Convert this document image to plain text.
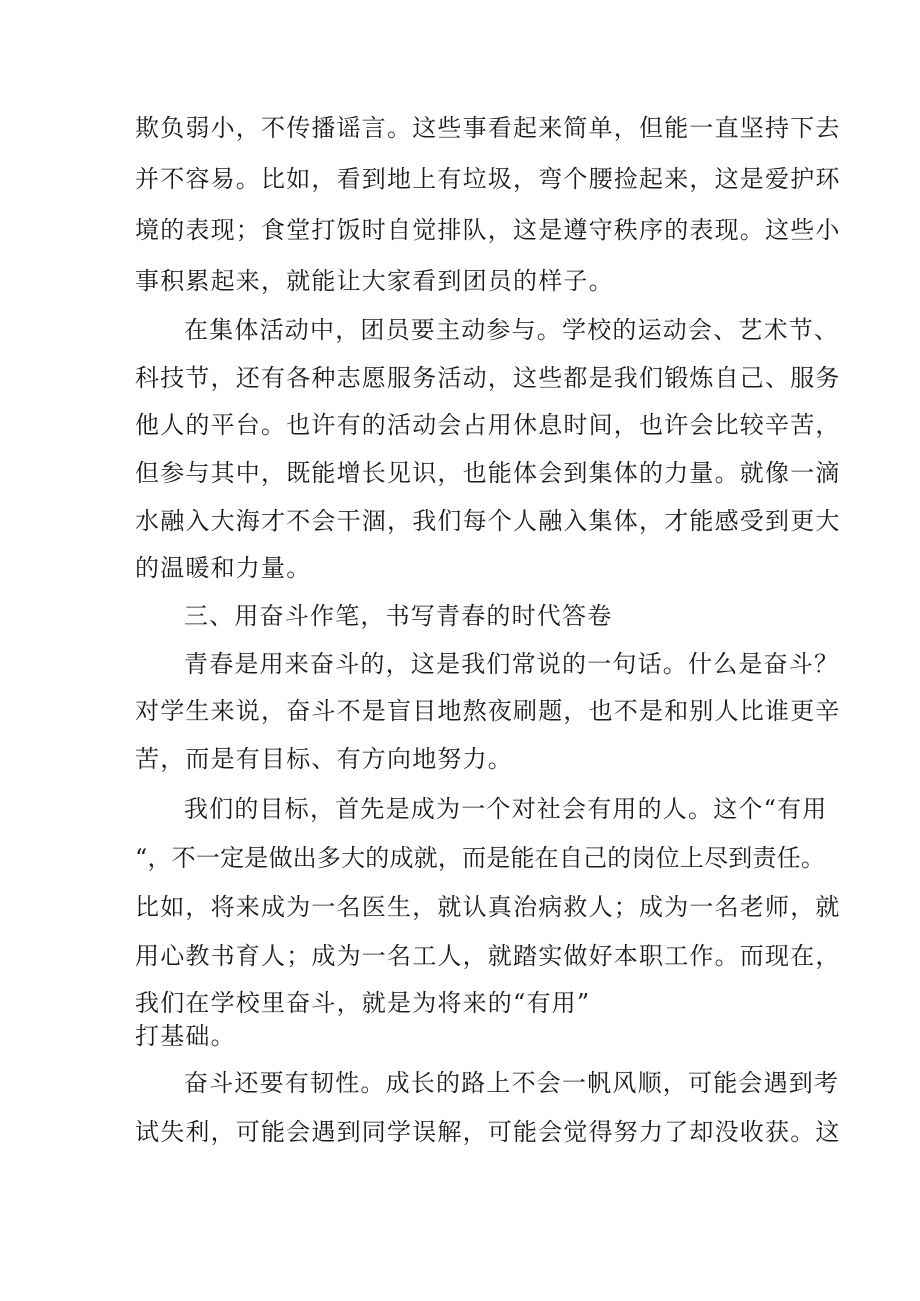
欺负弱小，不传播谣言。这些事看起来简单，但能一直坚持下去
并不容易。比如，看到地上有垃圾，弯个腰捡起来，这是爱护环
境的表现；食堂打饭时自觉排队，这是遵守秩序的表现。这些小
事积累起来，就能让大家看到团员的样子。
在集体活动中，团员要主动参与。学校的运动会、艺术节、
科技节，还有各种志愿服务活动，这些都是我们锻炼自己、服务
他人的平台。也许有的活动会占用休息时间，也许会比较辛苦，
但参与其中，既能增长见识，也能体会到集体的力量。就像一滴
水融入大海才不会干涸，我们每个人融入集体，才能感受到更大
的温暖和力量。
三、用奋斗作笔，书写青春的时代答卷
青春是用来奋斗的，这是我们常说的一句话。什么是奋斗？
对学生来说，奋斗不是盲目地熬夜刷题，也不是和别人比谁更辛
苦，而是有目标、有方向地努力。
我们的目标，首先是成为一个对社会有用的人。这个“有用
“，不一定是做出多大的成就，而是能在自己的岗位上尽到责任。
比如，将来成为一名医生，就认真治病救人；成为一名老师，就
用心教书育人；成为一名工人，就踏实做好本职工作。而现在，
我们在学校里奋斗，就是为将来的“有用”
打基础。
奋斗还要有韧性。成长的路上不会一帆风顺，可能会遇到考
试失利，可能会遇到同学误解，可能会觉得努力了却没收获。这
